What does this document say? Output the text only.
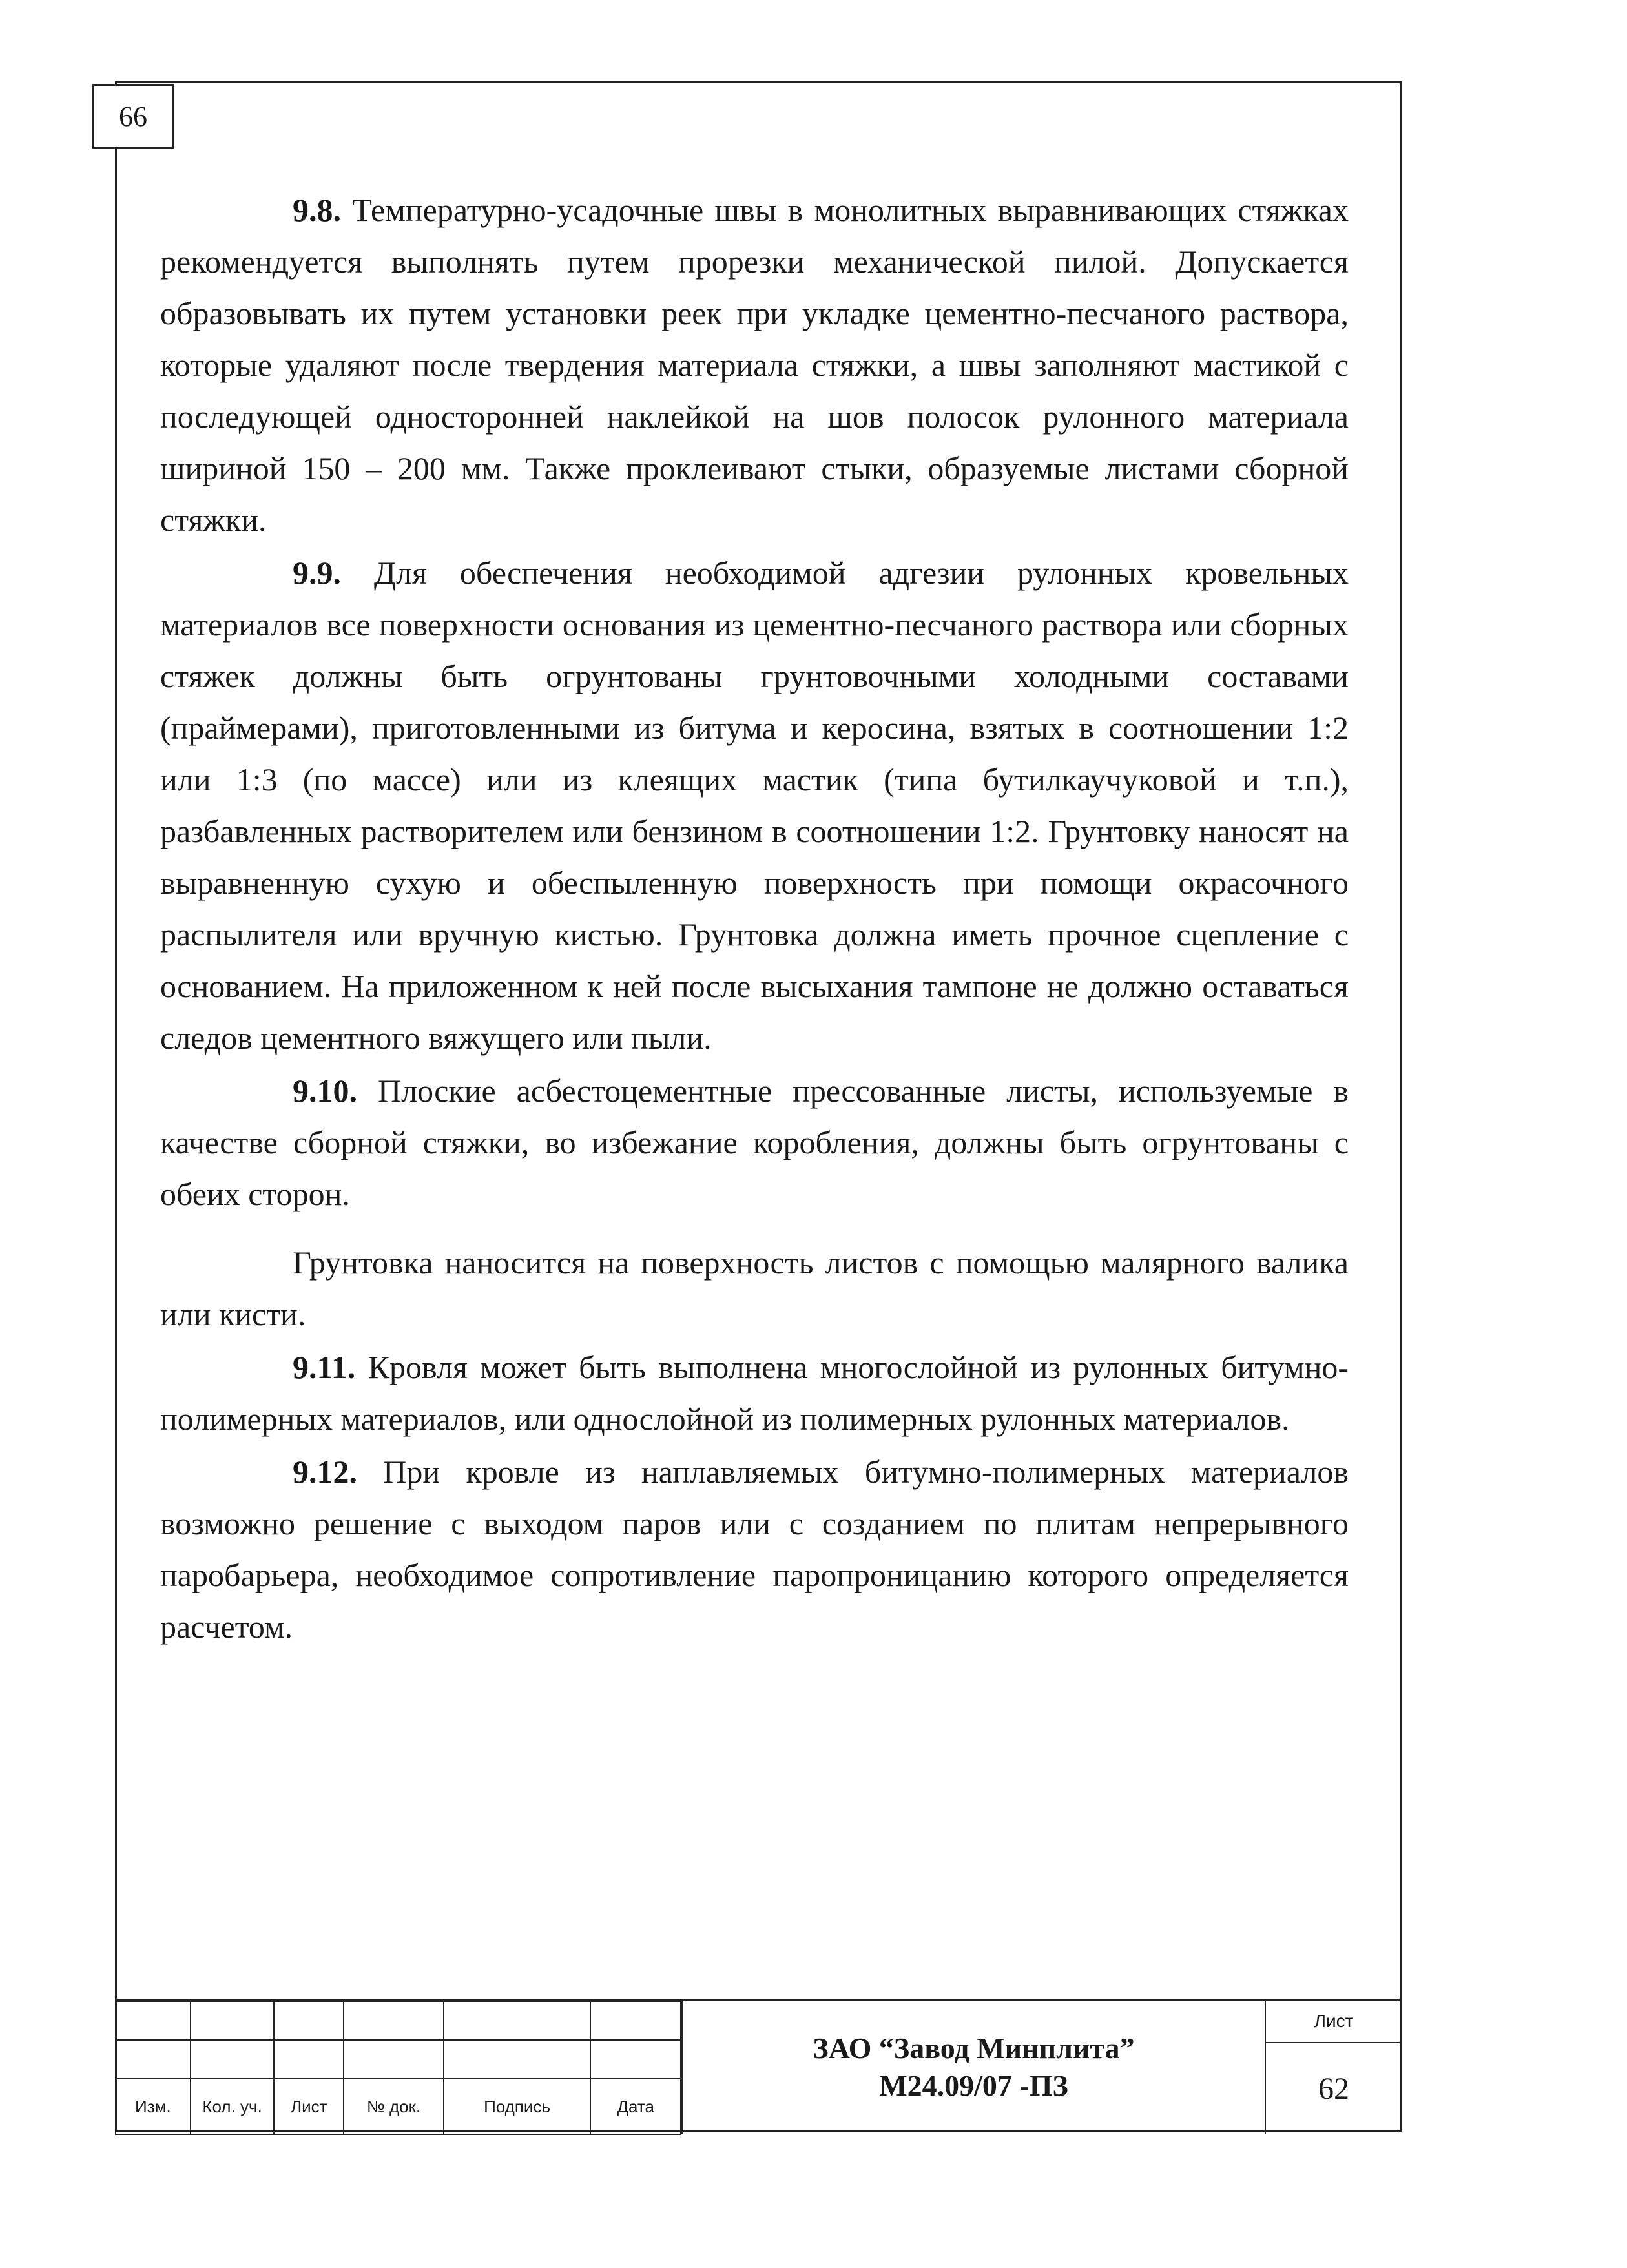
66

9.8. Температурно-усадочные швы в монолитных выравнивающих стяжках рекомендуется выполнять путем прорезки механической пилой. Допускается образовывать их путем установки реек при укладке цементно-песчаного раствора, которые удаляют после твердения материала стяжки, а швы заполняют мастикой с последующей односторонней наклейкой на шов полосок рулонного материала шириной 150 – 200 мм. Также проклеивают стыки, образуемые листами сборной стяжки.

9.9. Для обеспечения необходимой адгезии рулонных кровельных материалов все поверхности основания из цементно-песчаного раствора или сборных стяжек должны быть огрунтованы грунтовочными холодными составами (праймерами), приготовленными из битума и керосина, взятых в соотношении 1:2 или 1:3 (по массе) или из клеящих мастик (типа бутилкаучуковой и т.п.), разбавленных растворителем или бензином в соотношении 1:2. Грунтовку наносят на выравненную сухую и обеспыленную поверхность при помощи окрасочного распылителя или вручную кистью. Грунтовка должна иметь прочное сцепление с основанием. На приложенном к ней после высыхания тампоне не должно оставаться следов цементного вяжущего или пыли.

9.10. Плоские асбестоцементные прессованные листы, используемые в качестве сборной стяжки, во избежание коробления, должны быть огрунтованы с обеих сторон.

Грунтовка наносится на поверхность листов с помощью малярного валика или кисти.

9.11. Кровля может быть выполнена многослойной из рулонных битумно-полимерных материалов, или однослойной из полимерных рулонных материалов.

9.12. При кровле из наплавляемых битумно-полимерных материалов возможно решение с выходом паров или с созданием по плитам непрерывного паробарьера, необходимое сопротивление паропроницанию которого определяется расчетом.

Изм.	Кол. уч.	Лист	№ док.	Подпись	Дата
ЗАО “Завод Минплита”
М24.09/07 -ПЗ
Лист
62
